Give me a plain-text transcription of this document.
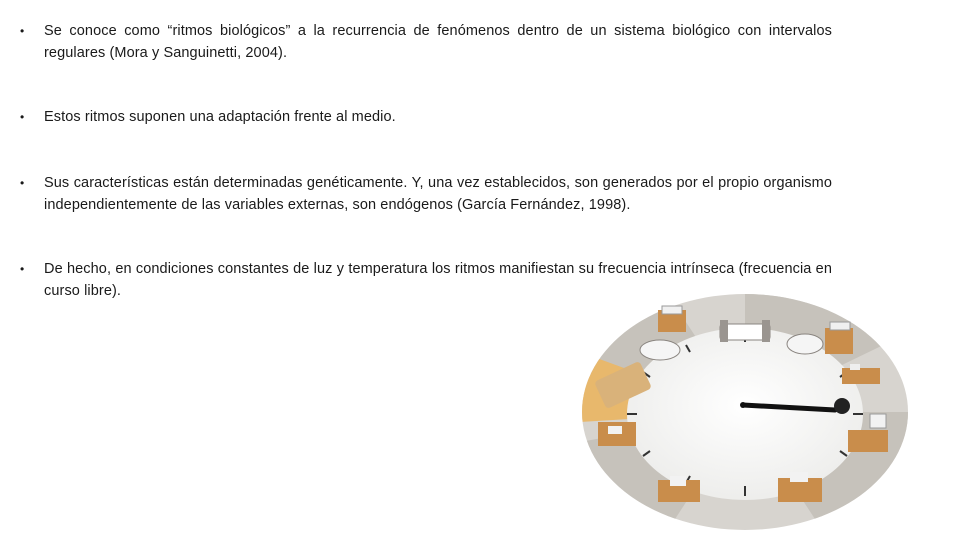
•	Se conoce como “ritmos biológicos” a la recurrencia de fenómenos dentro de un sistema biológico con intervalos regulares (Mora y Sanguinetti, 2004).
•	Estos ritmos suponen una adaptación frente al medio.
•	Sus características están determinadas genéticamente. Y, una vez establecidos, son generados por el propio organismo independientemente de las variables externas, son endógenos (García Fernández, 1998).
•	De hecho, en condiciones constantes de luz y temperatura los ritmos manifiestan su frecuencia intrínseca (frecuencia en curso libre).
